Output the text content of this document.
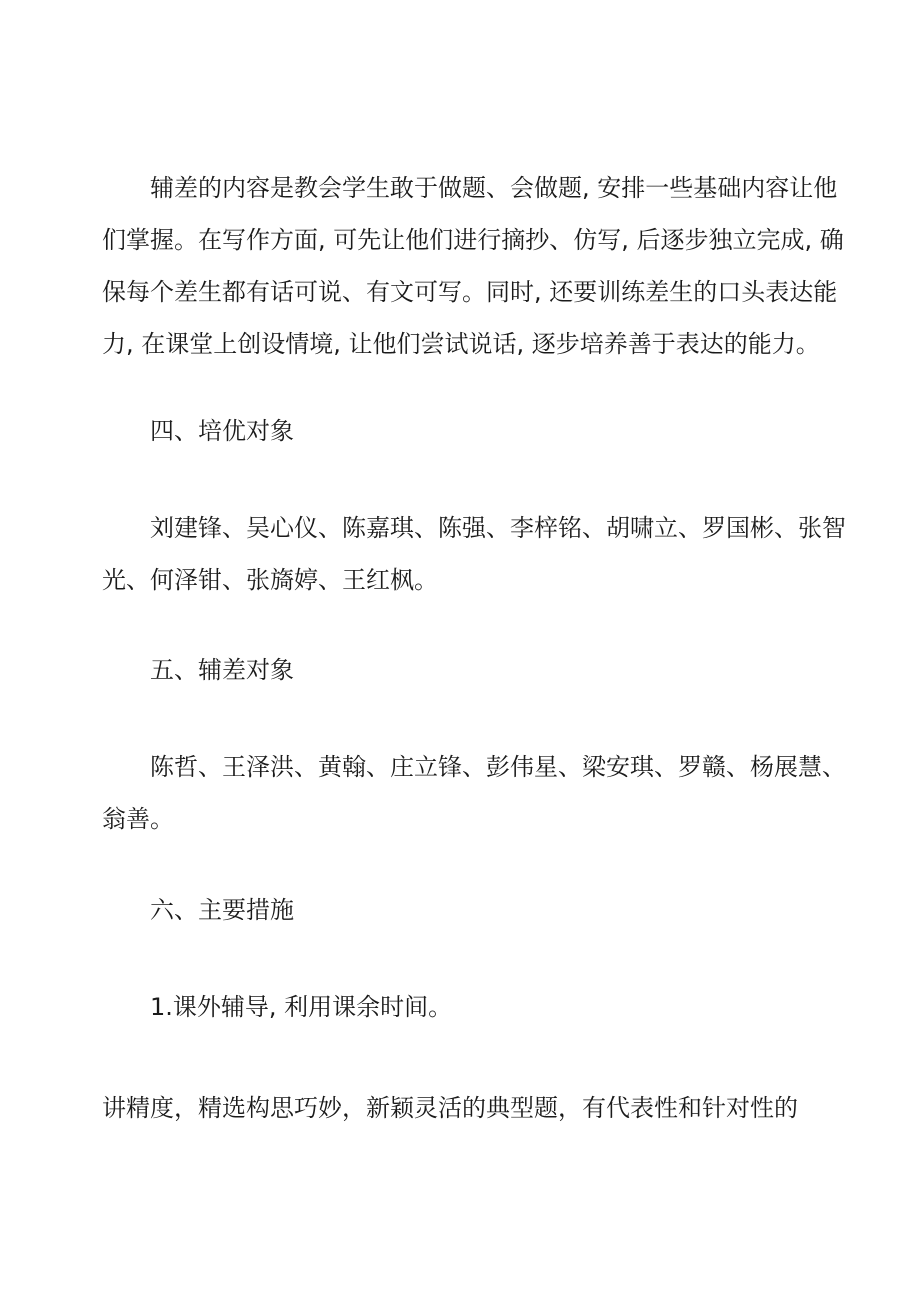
辅差的内容是教会学生敢于做题、会做题, 安排一些基础内容让他
们掌握。在写作方面, 可先让他们进行摘抄、仿写, 后逐步独立完成, 确
保每个差生都有话可说、有文可写。同时, 还要训练差生的口头表达能
力, 在课堂上创设情境, 让他们尝试说话, 逐步培养善于表达的能力。

四、培优对象

刘建锋、吴心仪、陈嘉琪、陈强、李梓铭、胡啸立、罗国彬、张智
光、何泽钳、张旖婷、王红枫。

五、辅差对象

陈哲、王泽洪、黄翰、庄立锋、彭伟星、梁安琪、罗赣、杨展慧、
翁善。

六、主要措施

1.课外辅导, 利用课余时间。

讲精度，精选构思巧妙，新颖灵活的典型题，有代表性和针对性的
